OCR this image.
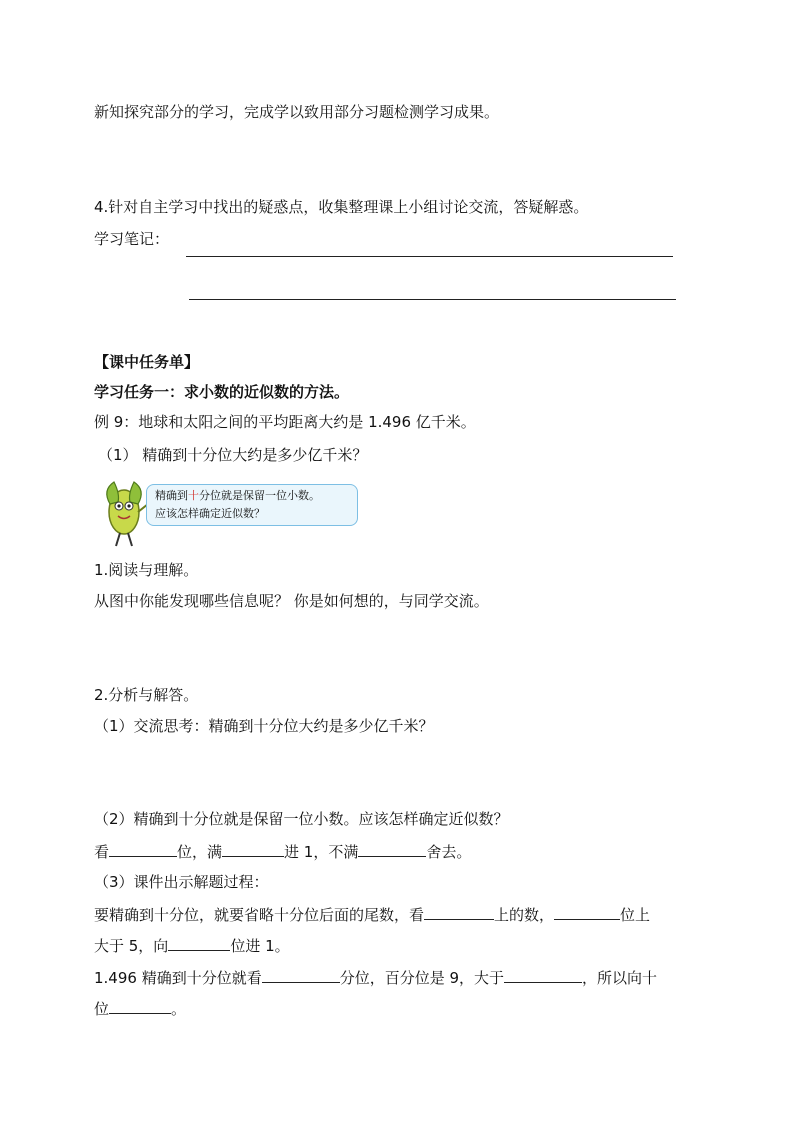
新知探究部分的学习，完成学以致用部分习题检测学习成果。
4.针对自主学习中找出的疑惑点，收集整理课上小组讨论交流，答疑解惑。
学习笔记：
【课中任务单】
学习任务一：求小数的近似数的方法。
例 9：地球和太阳之间的平均距离大约是 1.496 亿千米。
（1） 精确到十分位大约是多少亿千米？
精确到十分位就是保留一位小数。
应该怎样确定近似数？
1.阅读与理解。
从图中你能发现哪些信息呢？ 你是如何想的，与同学交流。
2.分析与解答。
（1）交流思考：精确到十分位大约是多少亿千米？
（2）精确到十分位就是保留一位小数。应该怎样确定近似数？
看	位，满	进 1，不满	舍去。
（3）课件出示解题过程：
要精确到十分位，就要省略十分位后面的尾数，看	上的数，	位上
大于 5，向	位进 1。
1.496 精确到十分位就看	分位，百分位是 9，大于	，所以向十
位	。
